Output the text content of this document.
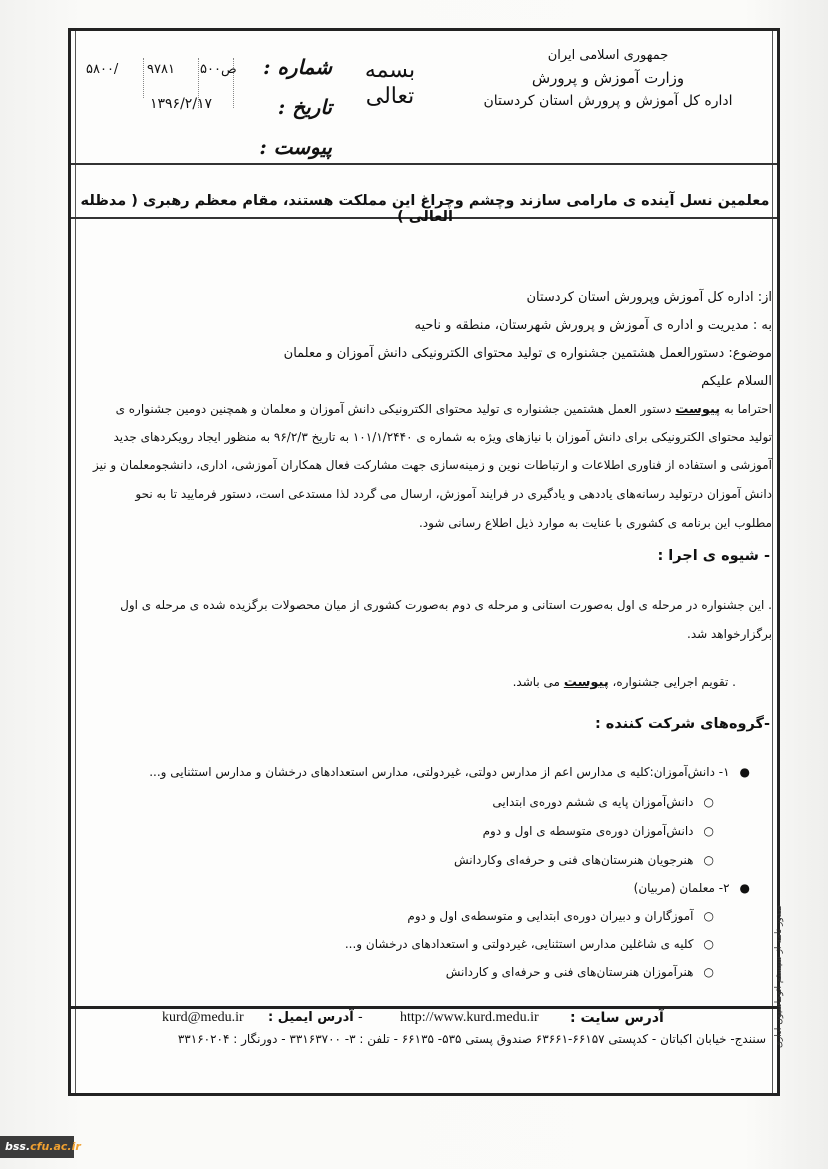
جمهوری اسلامی ایران
وزارت آموزش و پرورش
اداره کل آموزش و پرورش استان کردستان
بسمه تعالی
شماره :
تاریخ :
پیوست :
۵۸۰۰/ ۹۷۸۱ ص۵۰۰
۱۳۹۶/۲/۱۷
معلمین نسل آینده ی مارامی سازند وچشم وچراغ این مملکت هستند، مقام معظم رهبری ( مدظله العالی )
از: اداره کل آموزش وپرورش استان کردستان
به : مدیریت و اداره ی آموزش و پرورش شهرستان، منطقه و ناحیه
موضوع: دستورالعمل هشتمین جشنواره ی تولید محتوای الکترونیکی دانش آموزان و معلمان
السلام علیکم
احتراما به پیوست دستور العمل هشتمین جشنواره ی تولید محتوای الکترونیکی دانش آموزان و معلمان و همچنین دومین جشنواره ی
تولید محتوای الکترونیکی برای دانش آموزان با نیازهای ویژه به شماره ی ۱۰۱/۱/۲۴۴۰ به تاریخ ۹۶/۲/۳ به منظور ایجاد رویکردهای جدید
آموزشی و استفاده از فناوری اطلاعات و ارتباطات نوین و زمینه‌سازی جهت مشارکت فعال همکاران آموزشی، اداری، دانشجومعلمان و نیز
دانش آموزان درتولید رسانه‌های یاددهی و یادگیری در فرایند آموزش، ارسال می گردد لذا مستدعی است، دستور فرمایید تا به نحو
مطلوب این برنامه ی کشوری با عنایت به موارد ذیل اطلاع رسانی شود.
- شیوه ی اجرا :
. این جشنواره در مرحله ی اول به‌صورت استانی و مرحله ی دوم به‌صورت کشوری از میان محصولات برگزیده شده ی مرحله ی اول
برگزارخواهد شد.
. تقویم اجرایی جشنواره، پیوست می باشد.
-گروه‌های شرکت کننده :
●۱- دانش‌آموزان:کلیه ی مدارس اعم از مدارس دولتی، غیردولتی، مدارس استعدادهای درخشان و مدارس استثنایی و...
○دانش‌آموزان پایه ی ششم دوره‌ی ابتدایی
○دانش‌آموزان دوره‌ی متوسطه ی اول و دوم
○هنرجویان هنرستان‌های فنی و حرفه‌ای وکاردانش
●۲- معلمان (مربیان)
○آموزگاران و دبیران دوره‌ی ابتدایی و متوسطه‌ی اول و دوم
○کلیه ی شاغلین مدارس استثنایی، غیردولتی و استعدادهای درخشان و...
○هنرآموزان هنرستان‌های فنی و حرفه‌ای و کاردانش
kurd@medu.ir آدرس ایمیل : -	http://www.kurd.medu.ir آدرس سایت :
سنندج- خیابان اکباتان - کدپستی ۶۶۱۵۷-۶۳۶۶۱ صندوق پستی ۵۳۵- ۶۶۱۳۵ - تلفن : ۳- ۳۳۱۶۳۷۰۰ - دورنگار : ۳۳۱۶۰۲۰۴ صدور نامه از سیستم اتوماسیون اداری
bss.cfu.ac.ir
